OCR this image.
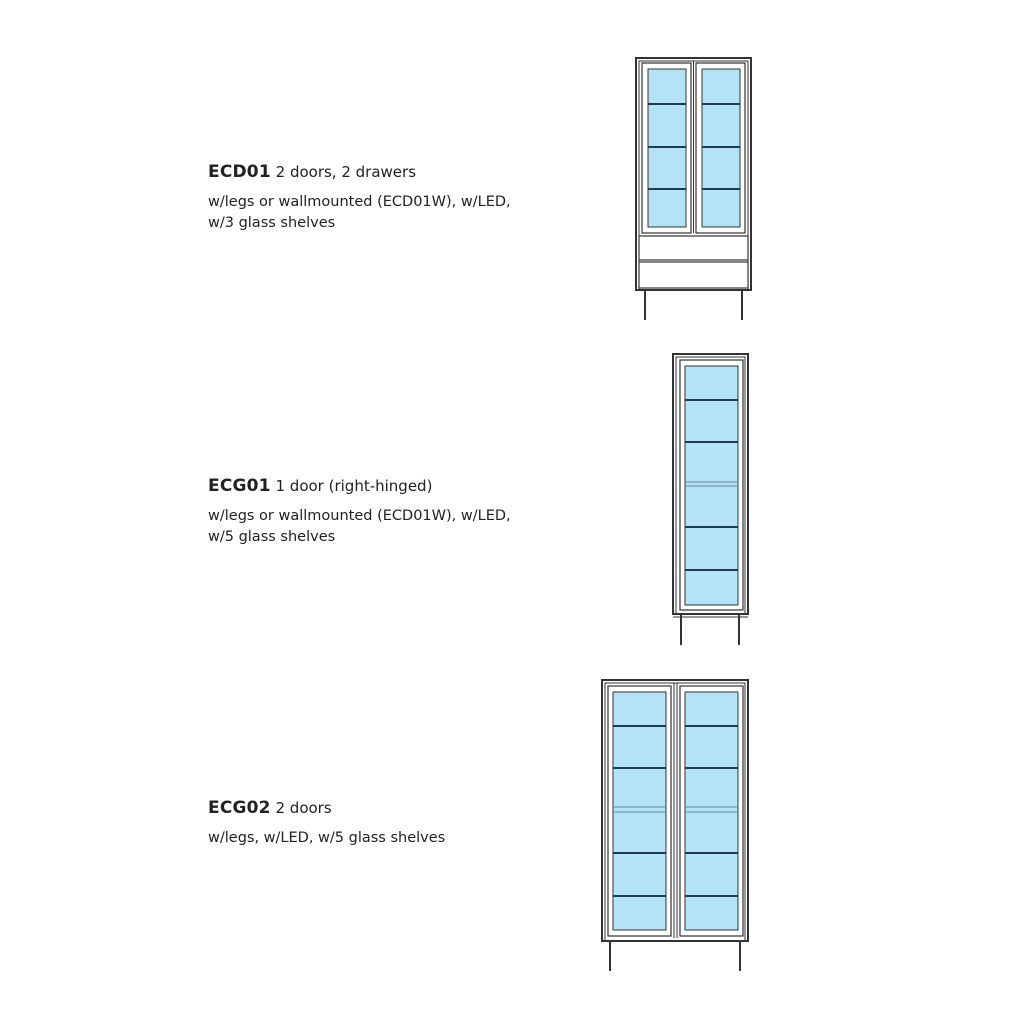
ECD01 2 doors, 2 drawers
w/legs or wallmounted (ECD01W), w/LED,
w/3 glass shelves
ECG01 1 door (right-hinged)
w/legs or wallmounted (ECD01W), w/LED,
w/5 glass shelves
ECG02 2 doors
w/legs, w/LED, w/5 glass shelves
